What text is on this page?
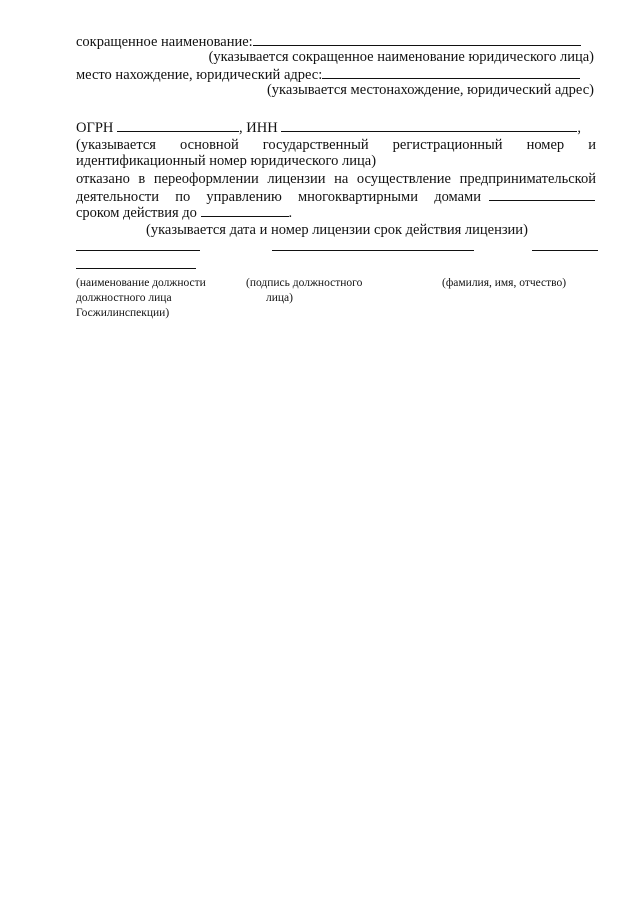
сокращенное наименование:
(указывается сокращенное наименование юридического лица)
место нахождение, юридический адрес:
(указывается местонахождение, юридический адрес)
ОГРН	, ИНН	,
(указывается основной государственный регистрационный номер и
идентификационный номер юридического лица)
отказано в переоформлении лицензии на осуществление предпринимательской
деятельности по управлению многоквартирными домами
сроком действия до	.
(указывается дата и номер лицензии срок действия лицензии)
(наименование должности
должностного лица
Госжилинспекции)
(подпись должностного
лица)
(фамилия, имя, отчество)
